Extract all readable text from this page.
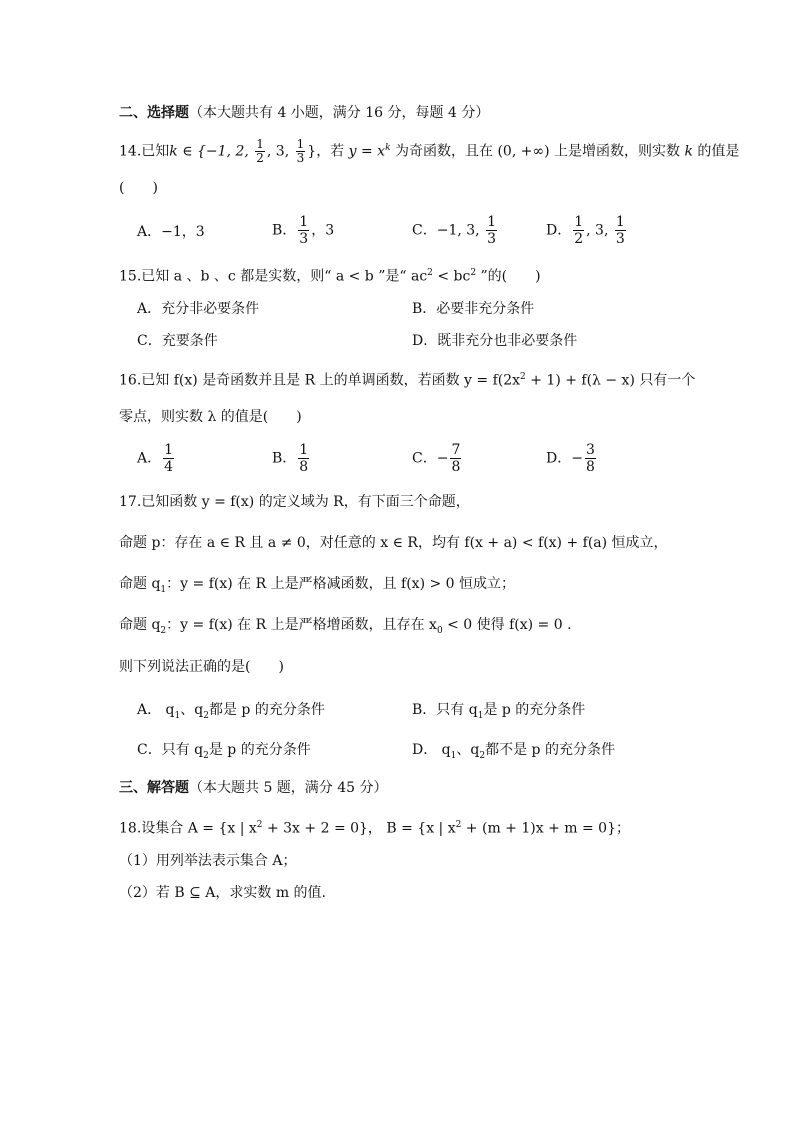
二、选择题（本大题共有 4 小题，满分 16 分，每题 4 分）
14.已知k ∈ {−1, 2, $\frac{1}{2}$ , 3, $\frac{1}{3}$ }，若 $y = x^k$ 为奇函数，且在 (0, +∞) 上是增函数，则实数 k 的值是
(　　)
A．−1，3	B． $\frac{1}{3}$ ，3	C．−1, 3, $\frac{1}{3}$	D． $\frac{1}{2}$ , 3, $\frac{1}{3}$
15.已知 a 、b 、c 都是实数，则“ a < b ”是“ $ac^2 < bc^2$ ”的(　　)
A．充分非必要条件	B．必要非充分条件
C．充要条件	D．既非充分也非必要条件
16.已知 f(x) 是奇函数并且是 R 上的单调函数，若函数 $y = f(2x^2 + 1) + f(\lambda - x)$ 只有一个
零点，则实数 λ 的值是(　　)
A． $\frac{1}{4}$	B． $\frac{1}{8}$	C．− $\frac{7}{8}$	D．− $\frac{3}{8}$
17.已知函数 y = f(x) 的定义域为 R，有下面三个命题，
命题 p：存在 a ∈ R 且 a ≠ 0，对任意的 x ∈ R，均有 f(x + a) < f(x) + f(a) 恒成立，
命题 $q_1$：y = f(x) 在 R 上是严格减函数，且 f(x) > 0 恒成立；
命题 $q_2$：y = f(x) 在 R 上是严格增函数，且存在 $x_0 < 0$ 使得 f(x) = 0 .
则下列说法正确的是(　　)
A． $q_1$、$q_2$都是 p 的充分条件	B．只有 $q_1$是 p 的充分条件
C．只有 $q_2$是 p 的充分条件	D． $q_1$、$q_2$都不是 p 的充分条件
三、解答题（本大题共 5 题，满分 45 分）
18.设集合 A = {x | $x^2 + 3x + 2 = 0$}， B = {x | $x^2 + (m + 1)x + m = 0$}；
（1）用列举法表示集合 A；
（2）若 B ⊆ A，求实数 m 的值.
